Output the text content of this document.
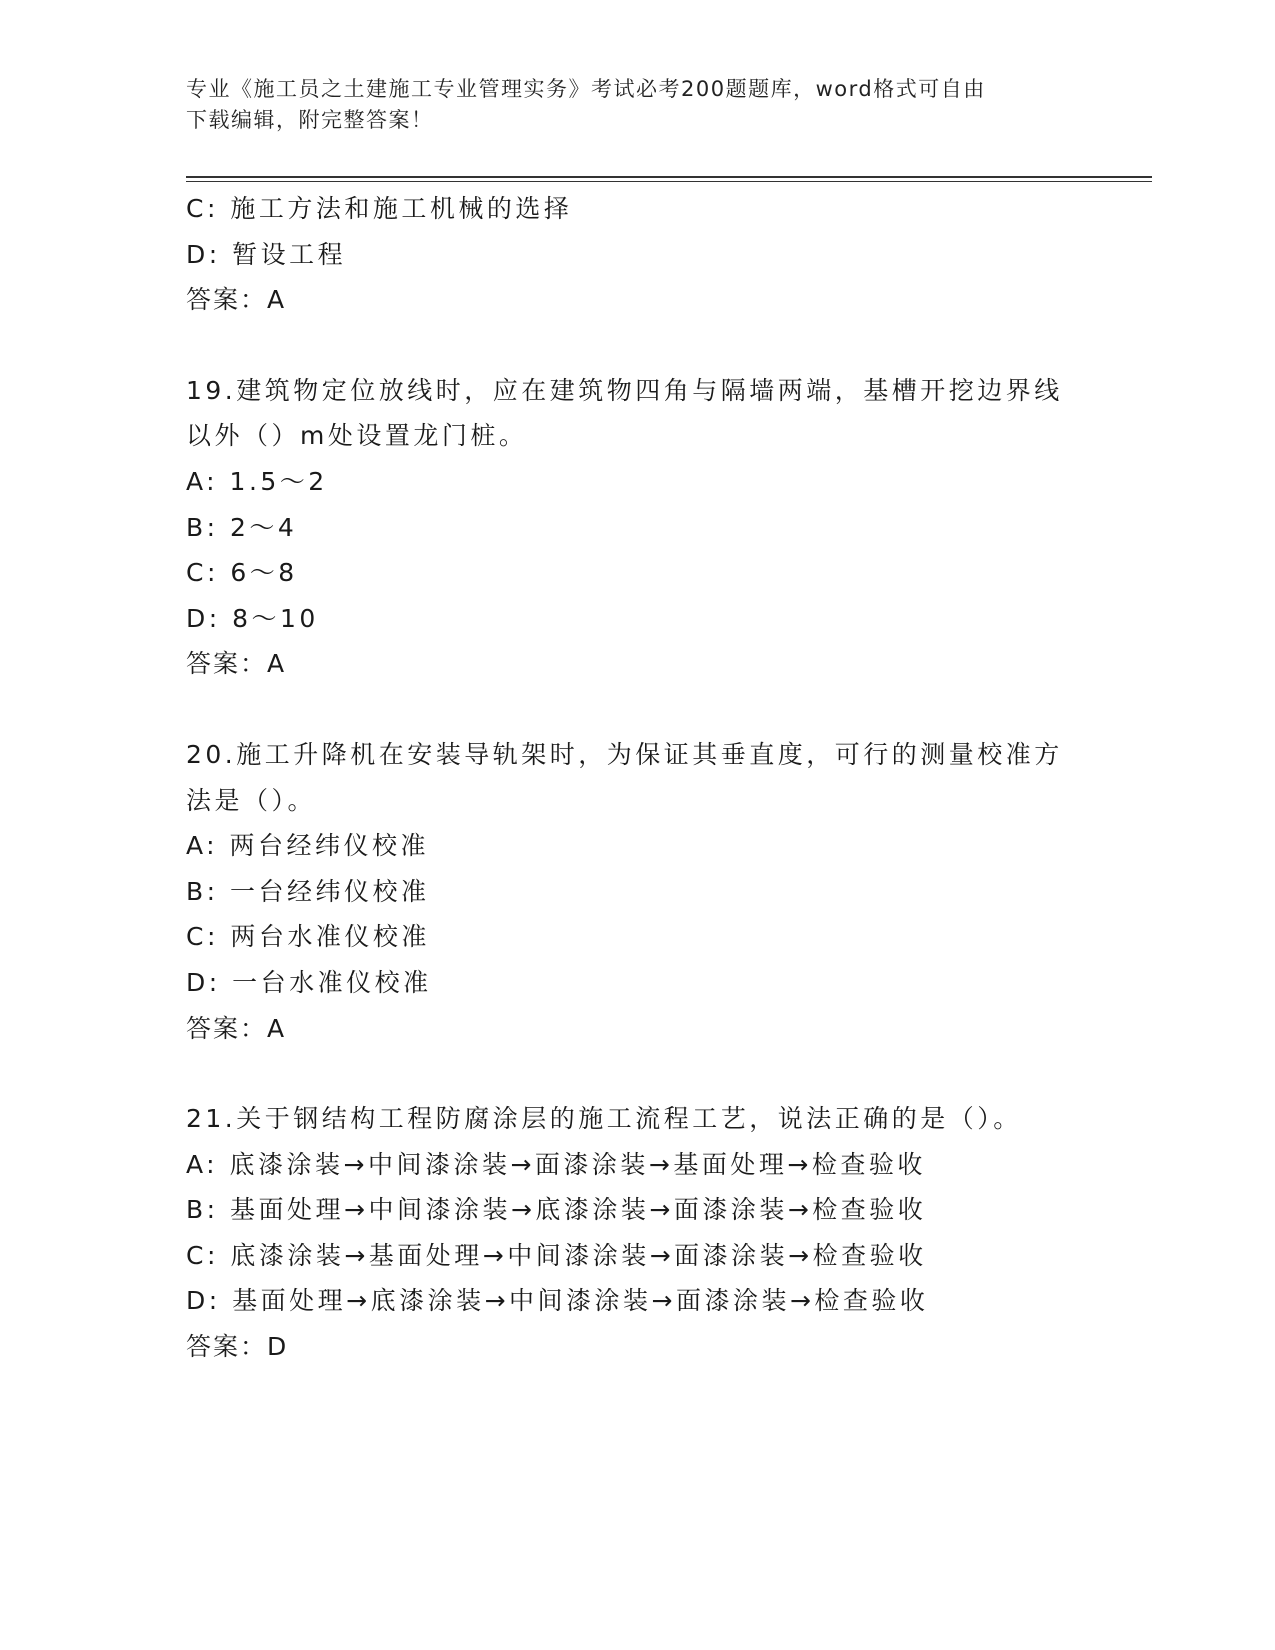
专业《施工员之土建施工专业管理实务》考试必考200题题库，word格式可自由
下载编辑，附完整答案！
C: 施工方法和施工机械的选择
D: 暂设工程
答案：A
19.建筑物定位放线时，应在建筑物四角与隔墙两端，基槽开挖边界线
以外（）m处设置龙门桩。
A: 1.5～2
B: 2～4
C: 6～8
D: 8～10
答案：A
20.施工升降机在安装导轨架时，为保证其垂直度，可行的测量校准方
法是（）。
A: 两台经纬仪校准
B: 一台经纬仪校准
C: 两台水准仪校准
D: 一台水准仪校准
答案：A
21.关于钢结构工程防腐涂层的施工流程工艺，说法正确的是（）。
A: 底漆涂装→中间漆涂装→面漆涂装→基面处理→检查验收
B: 基面处理→中间漆涂装→底漆涂装→面漆涂装→检查验收
C: 底漆涂装→基面处理→中间漆涂装→面漆涂装→检查验收
D: 基面处理→底漆涂装→中间漆涂装→面漆涂装→检查验收
答案：D
